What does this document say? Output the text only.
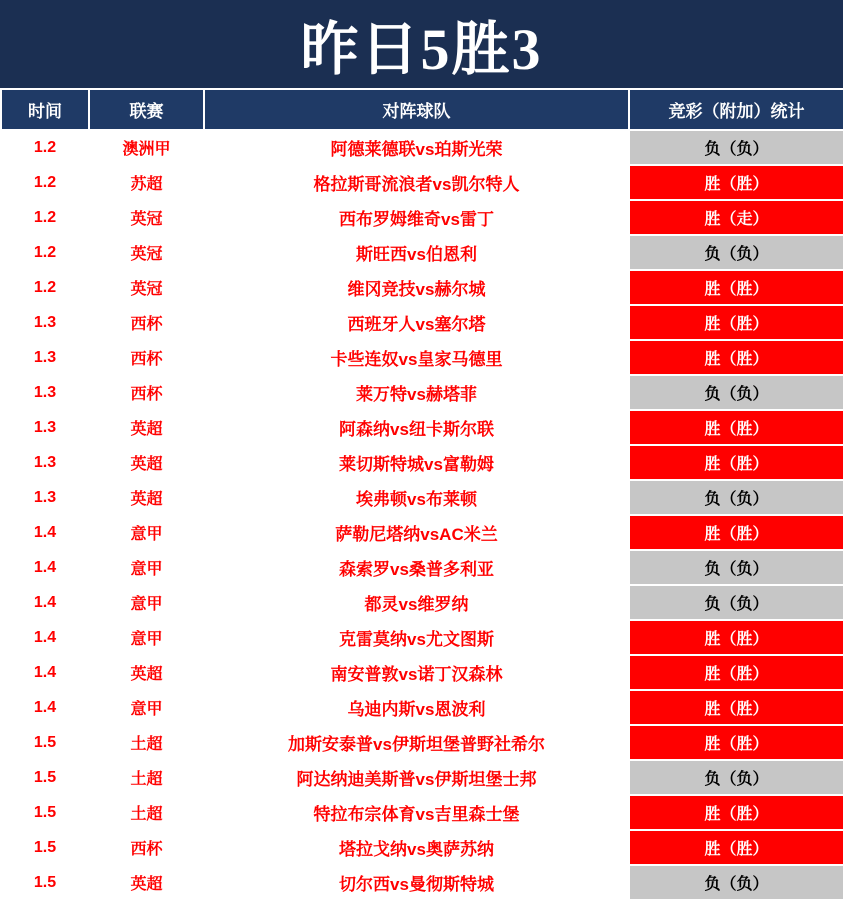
昨日5胜3
时间	联赛	对阵球队	竞彩（附加）统计
1.2	澳洲甲	阿德莱德联vs珀斯光荣	负（负）
1.2	苏超	格拉斯哥流浪者vs凯尔特人	胜（胜）
1.2	英冠	西布罗姆维奇vs雷丁	胜（走）
1.2	英冠	斯旺西vs伯恩利	负（负）
1.2	英冠	维冈竞技vs赫尔城	胜（胜）
1.3	西杯	西班牙人vs塞尔塔	胜（胜）
1.3	西杯	卡些连奴vs皇家马德里	胜（胜）
1.3	西杯	莱万特vs赫塔菲	负（负）
1.3	英超	阿森纳vs纽卡斯尔联	胜（胜）
1.3	英超	莱切斯特城vs富勒姆	胜（胜）
1.3	英超	埃弗顿vs布莱顿	负（负）
1.4	意甲	萨勒尼塔纳vsAC米兰	胜（胜）
1.4	意甲	森索罗vs桑普多利亚	负（负）
1.4	意甲	都灵vs维罗纳	负（负）
1.4	意甲	克雷莫纳vs尤文图斯	胜（胜）
1.4	英超	南安普敦vs诺丁汉森林	胜（胜）
1.4	意甲	乌迪内斯vs恩波利	胜（胜）
1.5	土超	加斯安泰普vs伊斯坦堡普野社希尔	胜（胜）
1.5	土超	阿达纳迪美斯普vs伊斯坦堡士邦	负（负）
1.5	土超	特拉布宗体育vs吉里森士堡	胜（胜）
1.5	西杯	塔拉戈纳vs奥萨苏纳	胜（胜）
1.5	英超	切尔西vs曼彻斯特城	负（负）
